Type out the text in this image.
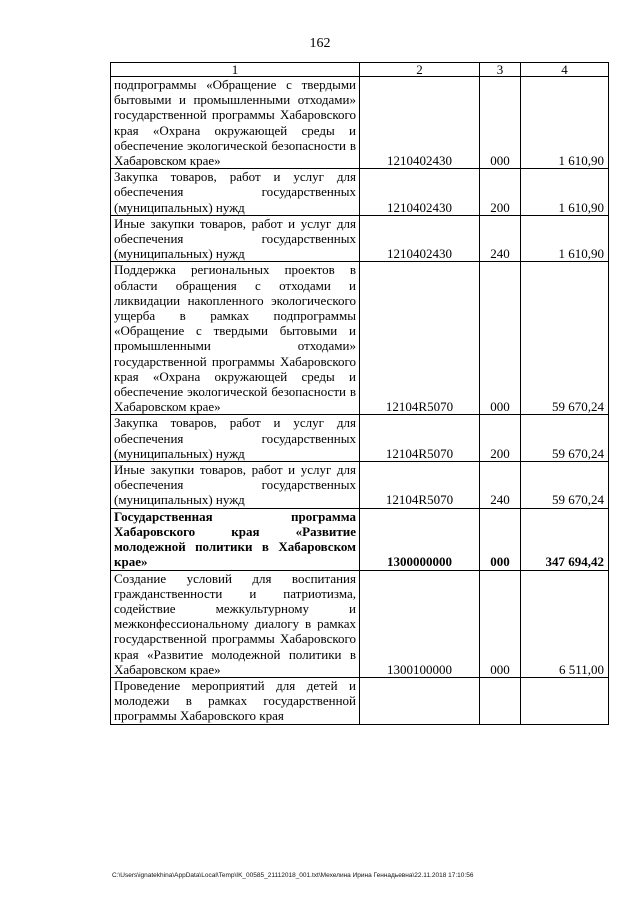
162
1	2	3	4
подпрограммы «Обращение с твердыми бытовыми и промышленными отходами» государственной программы Хабаровского края «Охрана окружающей среды и обеспечение экологической безопасности в Хабаровском крае»	1210402430	000	1 610,90
Закупка товаров, работ и услуг для обеспечения государственных (муниципальных) нужд	1210402430	200	1 610,90
Иные закупки товаров, работ и услуг для обеспечения государственных (муниципальных) нужд	1210402430	240	1 610,90
Поддержка региональных проектов в области обращения с отходами и ликвидации накопленного экологического ущерба в рамках подпрограммы «Обращение с твердыми бытовыми и промышленными отходами» государственной программы Хабаровского края «Охрана окружающей среды и обеспечение экологической безопасности в Хабаровском крае»	12104R5070	000	59 670,24
Закупка товаров, работ и услуг для обеспечения государственных (муниципальных) нужд	12104R5070	200	59 670,24
Иные закупки товаров, работ и услуг для обеспечения государственных (муниципальных) нужд	12104R5070	240	59 670,24
Государственная программа Хабаровского края «Развитие молодежной политики в Хабаровском крае»	1300000000	000	347 694,42
Создание условий для воспитания гражданственности и патриотизма, содействие межкультурному и межконфессиональному диалогу в рамках государственной программы Хабаровского края «Развитие молодежной политики в Хабаровском крае»	1300100000	000	6 511,00
Проведение мероприятий для детей и молодежи в рамках государственной программы Хабаровского края			
C:\Users\ignatekhina\AppData\Local\Temp\IK_00585_21112018_001.txt\Мехелина Ирина Геннадьевна\22.11.2018 17:10:56
